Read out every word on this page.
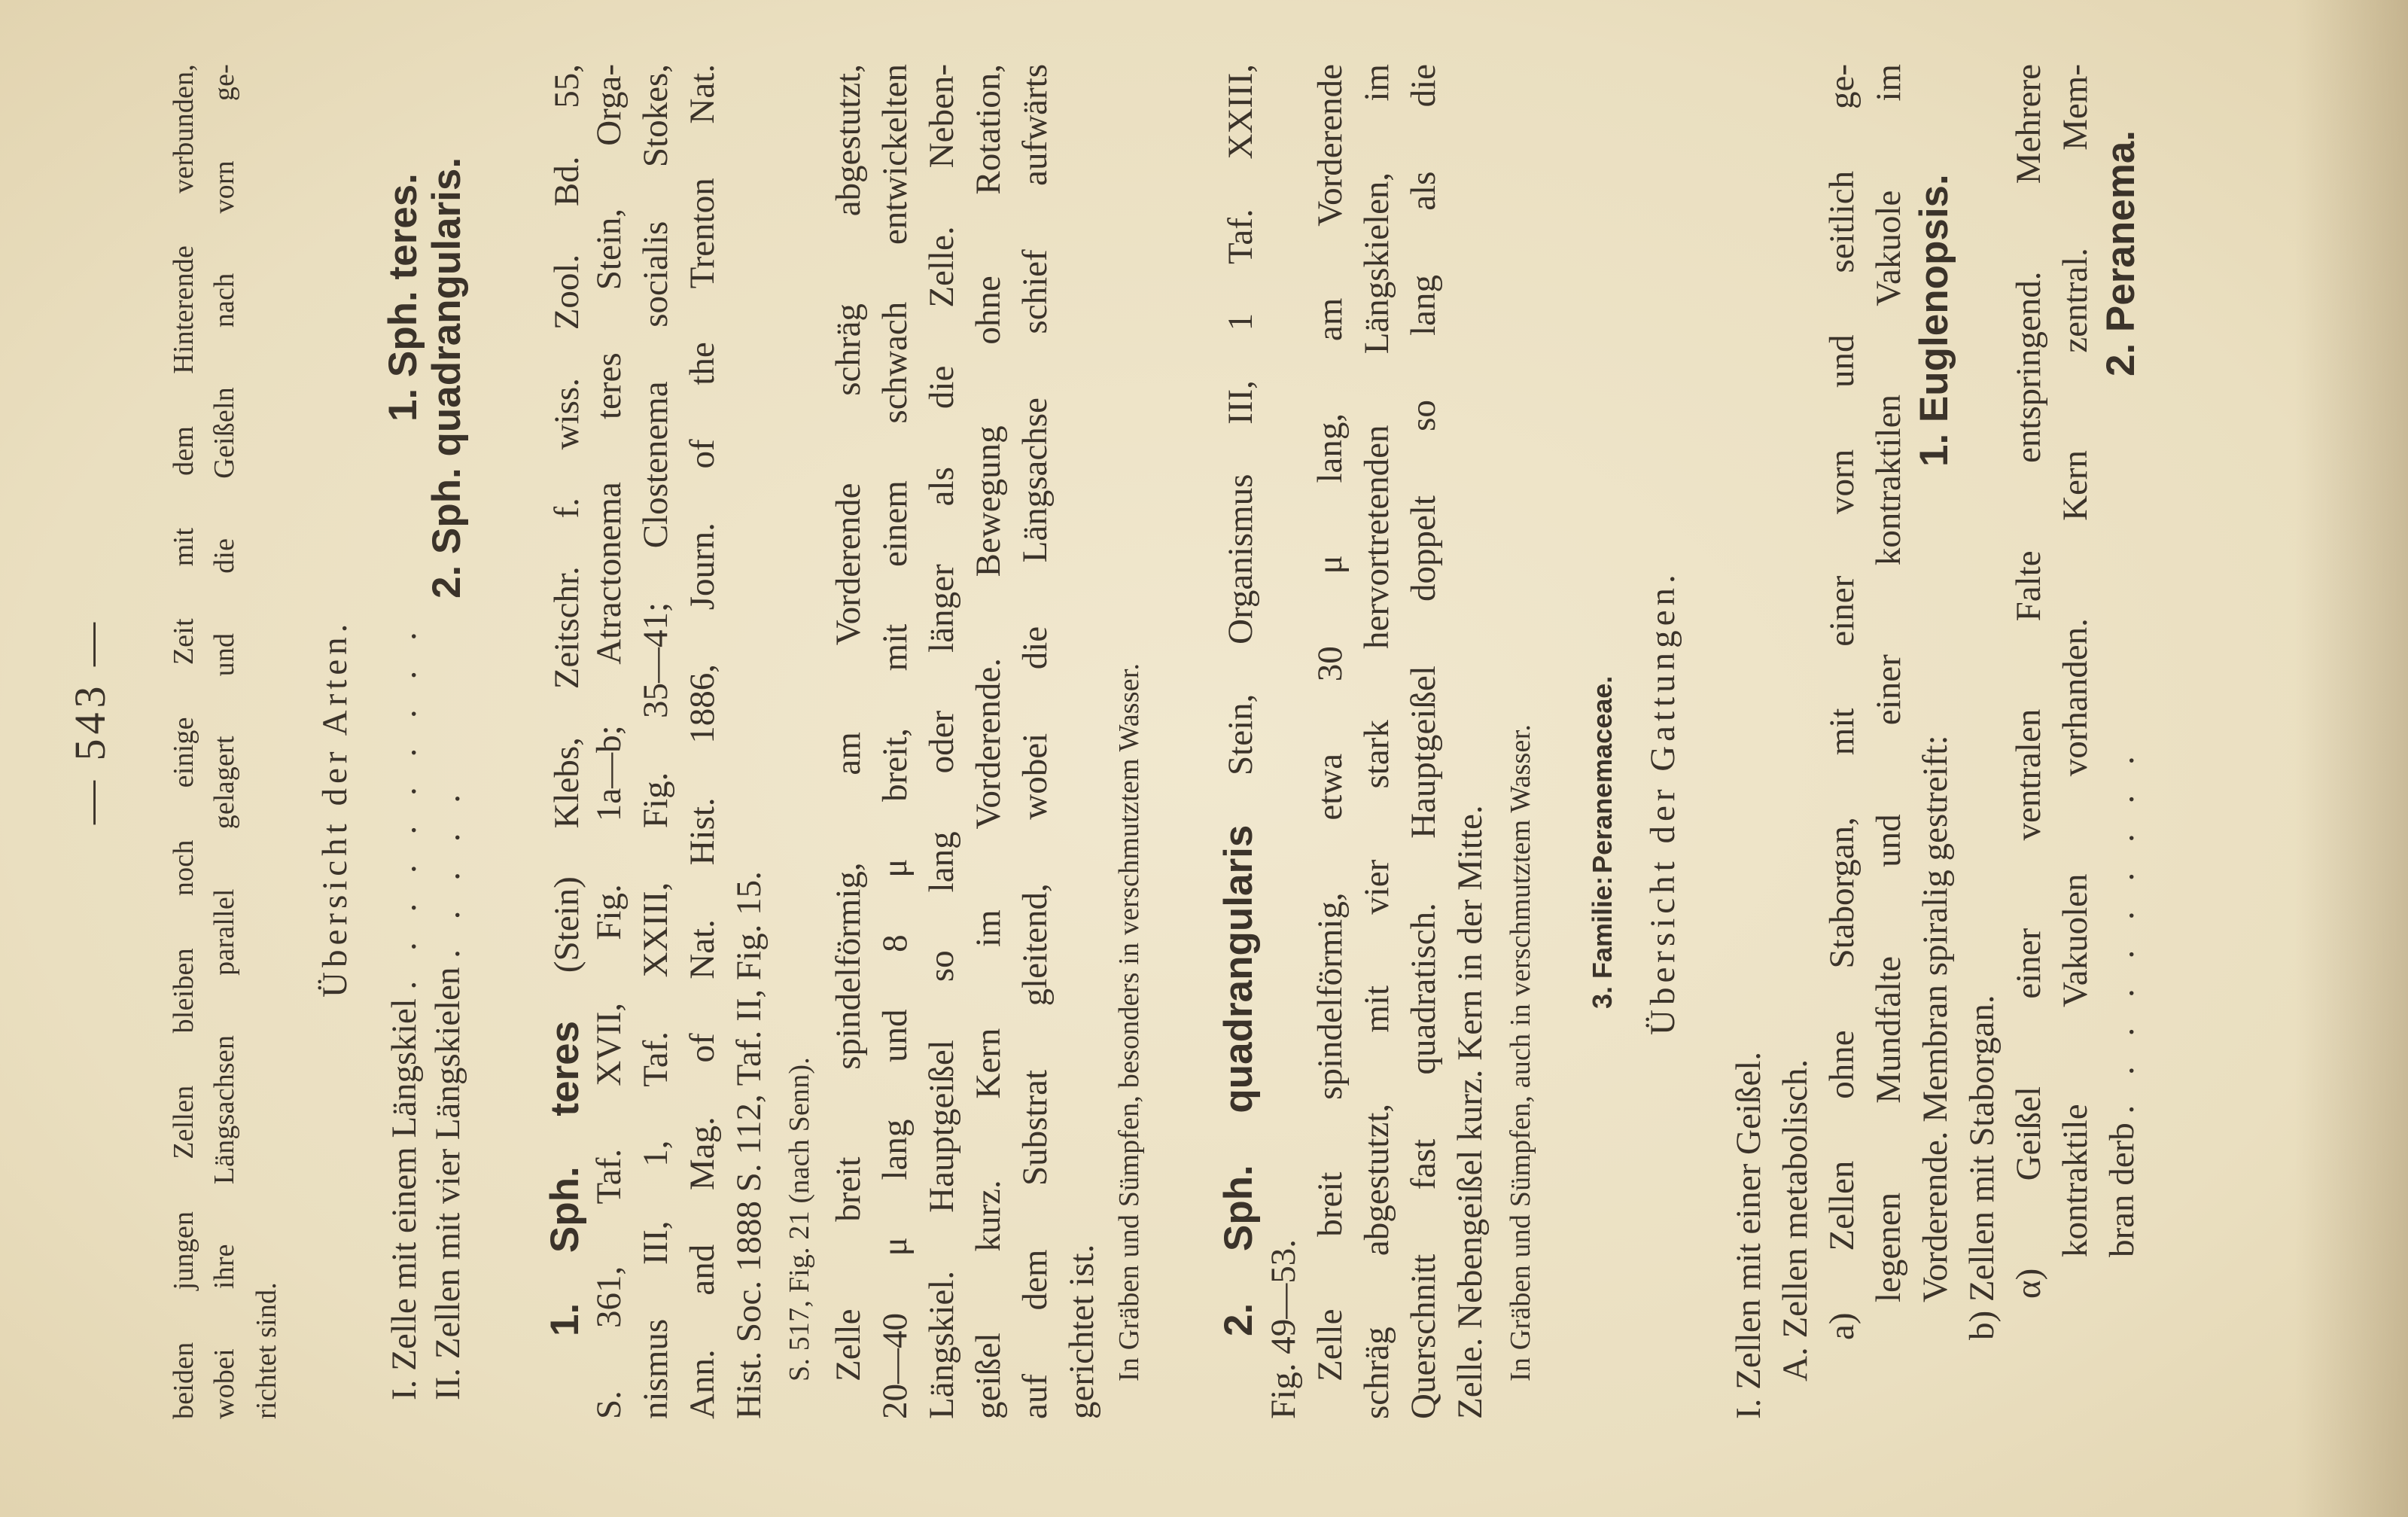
— 543 — beiden jungen Zellen bleiben noch einige Zeit mit dem Hinterende verbunden, wobei ihre Längsachsen parallel gelagert und die Geißeln nach vorn ge- richtet sind.
Übersicht der Arten.
I. Zelle mit einem Längskiel . . . . . . . . . .
1. Sph. teres.
II. Zellen mit vier Längskielen . . . . .
2. Sph. quadrangularis.
1. Sph. teres (Stein) Klebs, Zeitschr. f. wiss. Zool. Bd. 55, S. 361, Taf. XVII, Fig. 1a—b; Atractonema teres Stein, Orga- nismus III, 1, Taf. XXIII, Fig. 35—41; Clostenema socialis Stokes, Ann. and Mag. of Nat. Hist. 1886, Journ. of the Trenton Nat. Hist. Soc. 1888 S. 112, Taf. II, Fig. 15. S. 517, Fig. 21 (nach Senn). Zelle breit spindelförmig, am Vorderende schräg abgestutzt, 20—40 μ lang und 8 μ breit, mit einem schwach entwickelten Längskiel. Hauptgeißel so lang oder länger als die Zelle. Neben- geißel kurz. Kern im Vorderende. Bewegung ohne Rotation, auf dem Substrat gleitend, wobei die Längsachse schief aufwärts gerichtet ist. In Gräben und Sümpfen, besonders in verschmutztem Wasser. 2. Sph. quadrangularis Stein, Organismus III, 1 Taf. XXIII,
Fig. 49—53. Zelle breit spindelförmig, etwa 30 μ lang, am Vorderende schräg abgestutzt, mit vier stark hervortretenden Längskielen, im Querschnitt fast quadratisch. Hauptgeißel doppelt so lang als die Zelle. Nebengeißel kurz. Kern in der Mitte. In Gräben und Sümpfen, auch in verschmutztem Wasser. 3. Familie: Peranemaceae. Übersicht der Gattungen.
I. Zellen mit einer Geißel. A. Zellen metabolisch. a) Zellen ohne Staborgan, mit einer vorn und seitlich ge- legenen Mundfalte und einer kontraktilen Vakuole im Vorderende. Membran spiralig gestreift:
1. Euglenopsis.
b) Zellen mit Staborgan. α) Geißel einer ventralen Falte entspringend. Mehrere kontraktile Vakuolen vorhanden. Kern zentral. Mem- bran derb . . . . . . . . . .
2. Peranema.
